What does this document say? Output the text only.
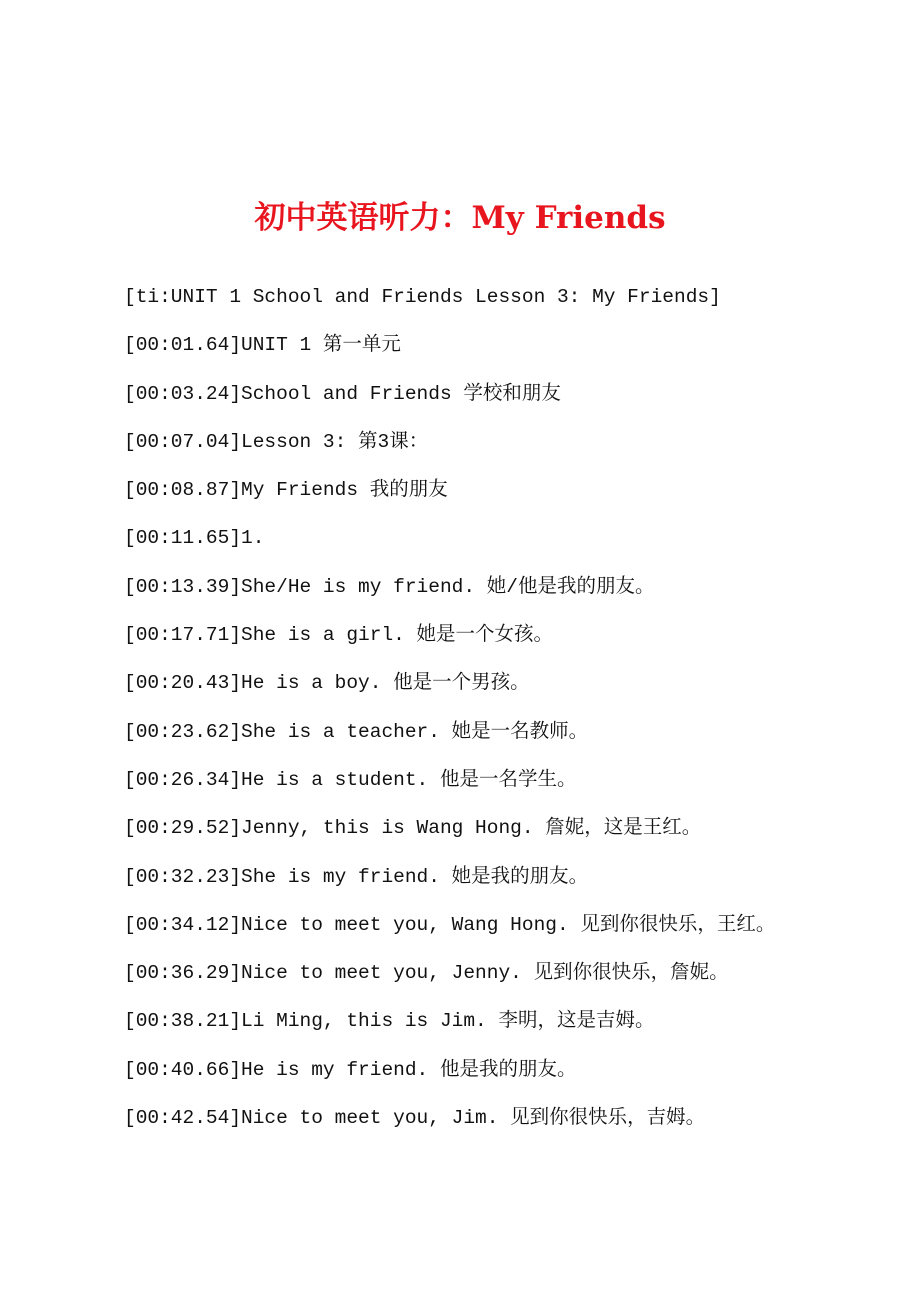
初中英语听力：My Friends
[ti:UNIT 1 School and Friends Lesson 3: My Friends]
[00:01.64]UNIT 1 第一单元
[00:03.24]School and Friends 学校和朋友
[00:07.04]Lesson 3: 第3课：
[00:08.87]My Friends 我的朋友
[00:11.65]1.
[00:13.39]She/He is my friend. 她/他是我的朋友。
[00:17.71]She is a girl. 她是一个女孩。
[00:20.43]He is a boy. 他是一个男孩。
[00:23.62]She is a teacher. 她是一名教师。
[00:26.34]He is a student. 他是一名学生。
[00:29.52]Jenny, this is Wang Hong. 詹妮，这是王红。
[00:32.23]She is my friend. 她是我的朋友。
[00:34.12]Nice to meet you, Wang Hong. 见到你很快乐，王红。
[00:36.29]Nice to meet you, Jenny. 见到你很快乐，詹妮。
[00:38.21]Li Ming, this is Jim. 李明，这是吉姆。
[00:40.66]He is my friend. 他是我的朋友。
[00:42.54]Nice to meet you, Jim. 见到你很快乐，吉姆。
